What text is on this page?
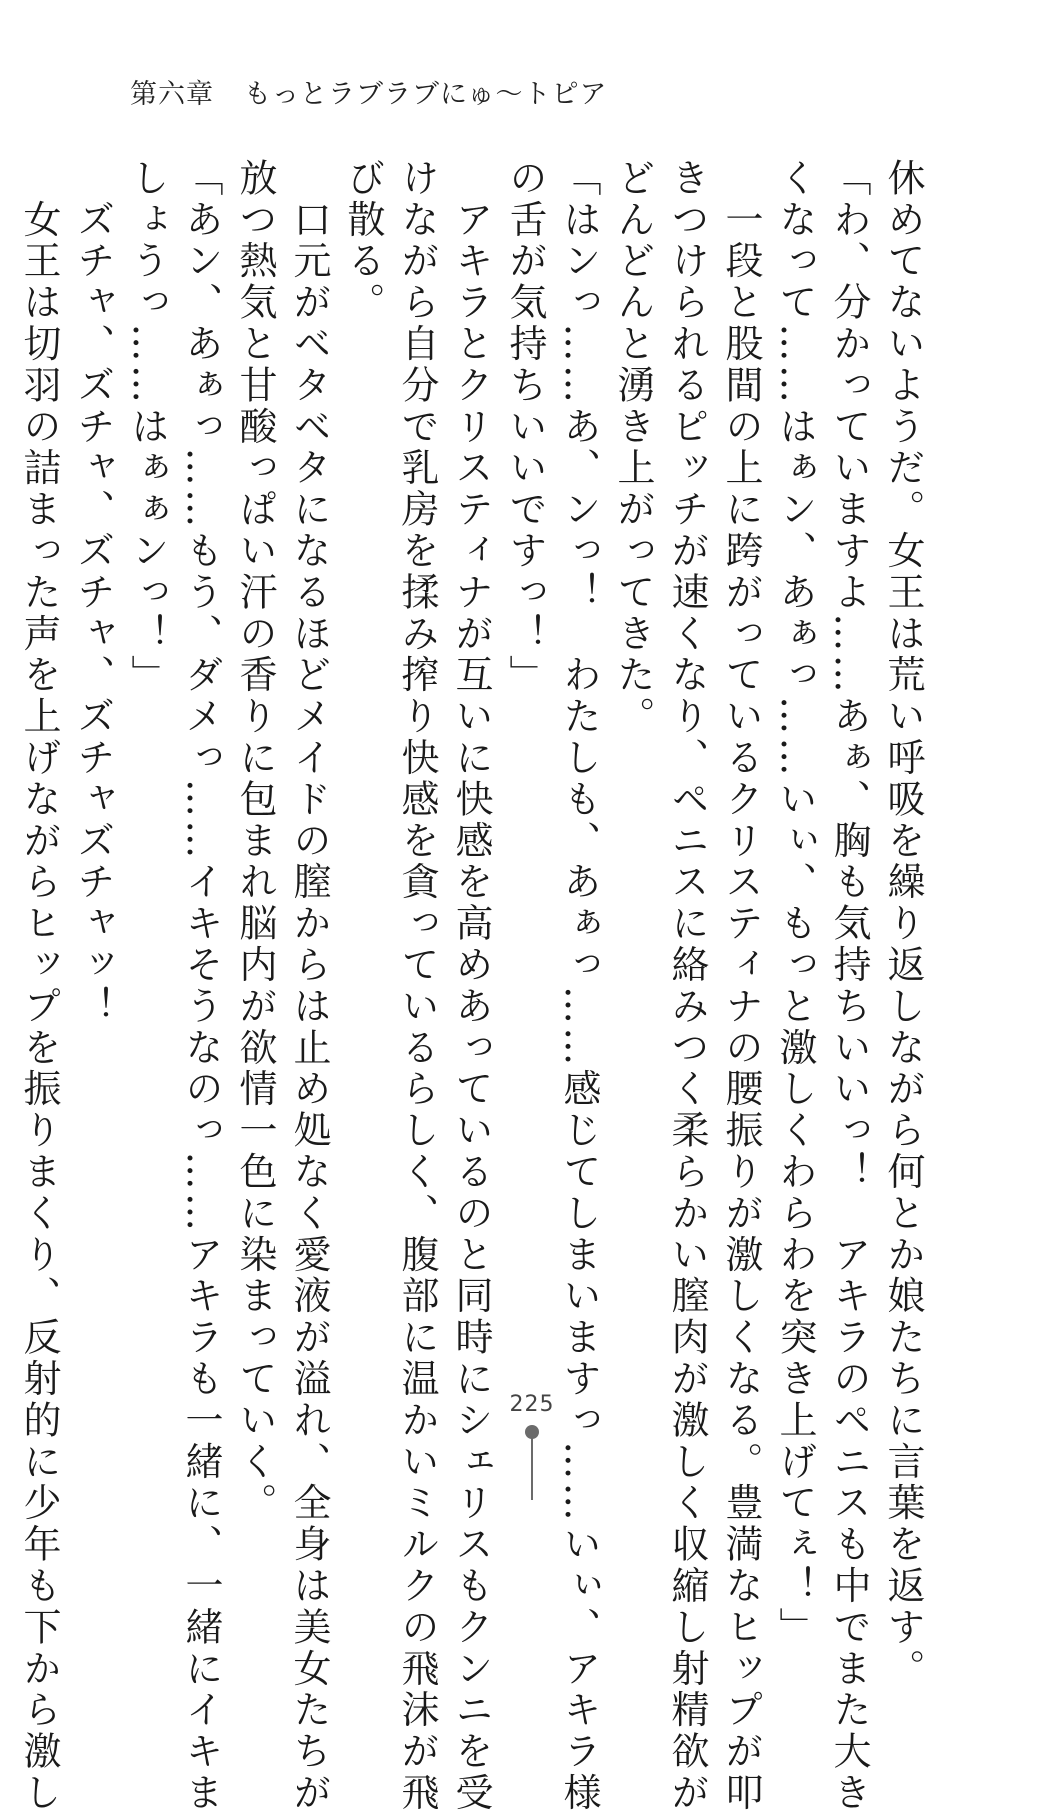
第六章 もっとラブラブにゅ〜トピア
休めてないようだ。女王は荒い呼吸を繰り返しながら何とか娘たちに言葉を返す。
「わ、分かっていますよ……あぁ、胸も気持ちいいっ！　アキラのペニスも中でまた大き
くなって……はぁン、あぁっ……いぃ、もっと激しくわらわを突き上げてぇ！」
　一段と股間の上に跨がっているクリスティナの腰振りが激しくなる。豊満なヒップが叩
きつけられるピッチが速くなり、ペニスに絡みつく柔らかい膣肉が激しく収縮し射精欲が
どんどんと湧き上がってきた。
「はンっ……あ、ンっ！　わたしも、あぁっ……感じてしまいますっ……いぃ、アキラ様
の舌が気持ちいいですっ！」
　アキラとクリスティナが互いに快感を高めあっているのと同時にシェリスもクンニを受
けながら自分で乳房を揉み搾り快感を貪っているらしく、腹部に温かいミルクの飛沫が飛
び散る。
　口元がベタベタになるほどメイドの膣からは止め処なく愛液が溢れ、全身は美女たちが
放つ熱気と甘酸っぱい汗の香りに包まれ脳内が欲情一色に染まっていく。
「あン、あぁっ……もう、ダメっ……イキそうなのっ……アキラも一緒に、一緒にイキま
しょうっ……はぁぁンっ！」
　ズチャ、ズチャ、ズチャ、ズチャズチャッ！
　女王は切羽の詰まった声を上げながらヒップを振りまくり、反射的に少年も下から激し	225
